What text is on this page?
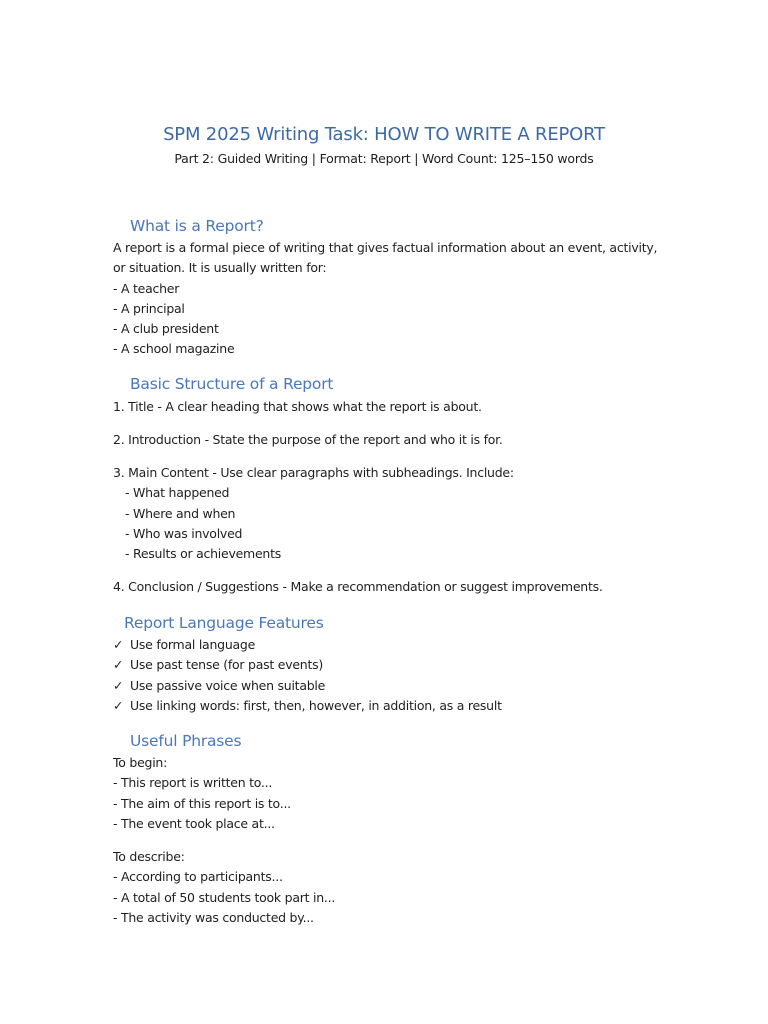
SPM 2025 Writing Task: HOW TO WRITE A REPORT

Part 2: Guided Writing | Format: Report | Word Count: 125–150 words

What is a Report?
A report is a formal piece of writing that gives factual information about an event, activity,
or situation. It is usually written for:
- A teacher
- A principal
- A club president
- A school magazine
Basic Structure of a Report
1. Title - A clear heading that shows what the report is about.
2. Introduction - State the purpose of the report and who it is for.
3. Main Content - Use clear paragraphs with subheadings. Include:
- What happened
- Where and when
- Who was involved
- Results or achievements
4. Conclusion / Suggestions - Make a recommendation or suggest improvements.
Report Language Features
✓ Use formal language
✓ Use past tense (for past events)
✓ Use passive voice when suitable
✓ Use linking words: first, then, however, in addition, as a result
Useful Phrases
To begin:
- This report is written to...
- The aim of this report is to...
- The event took place at...
To describe:
- According to participants...
- A total of 50 students took part in...
- The activity was conducted by...
